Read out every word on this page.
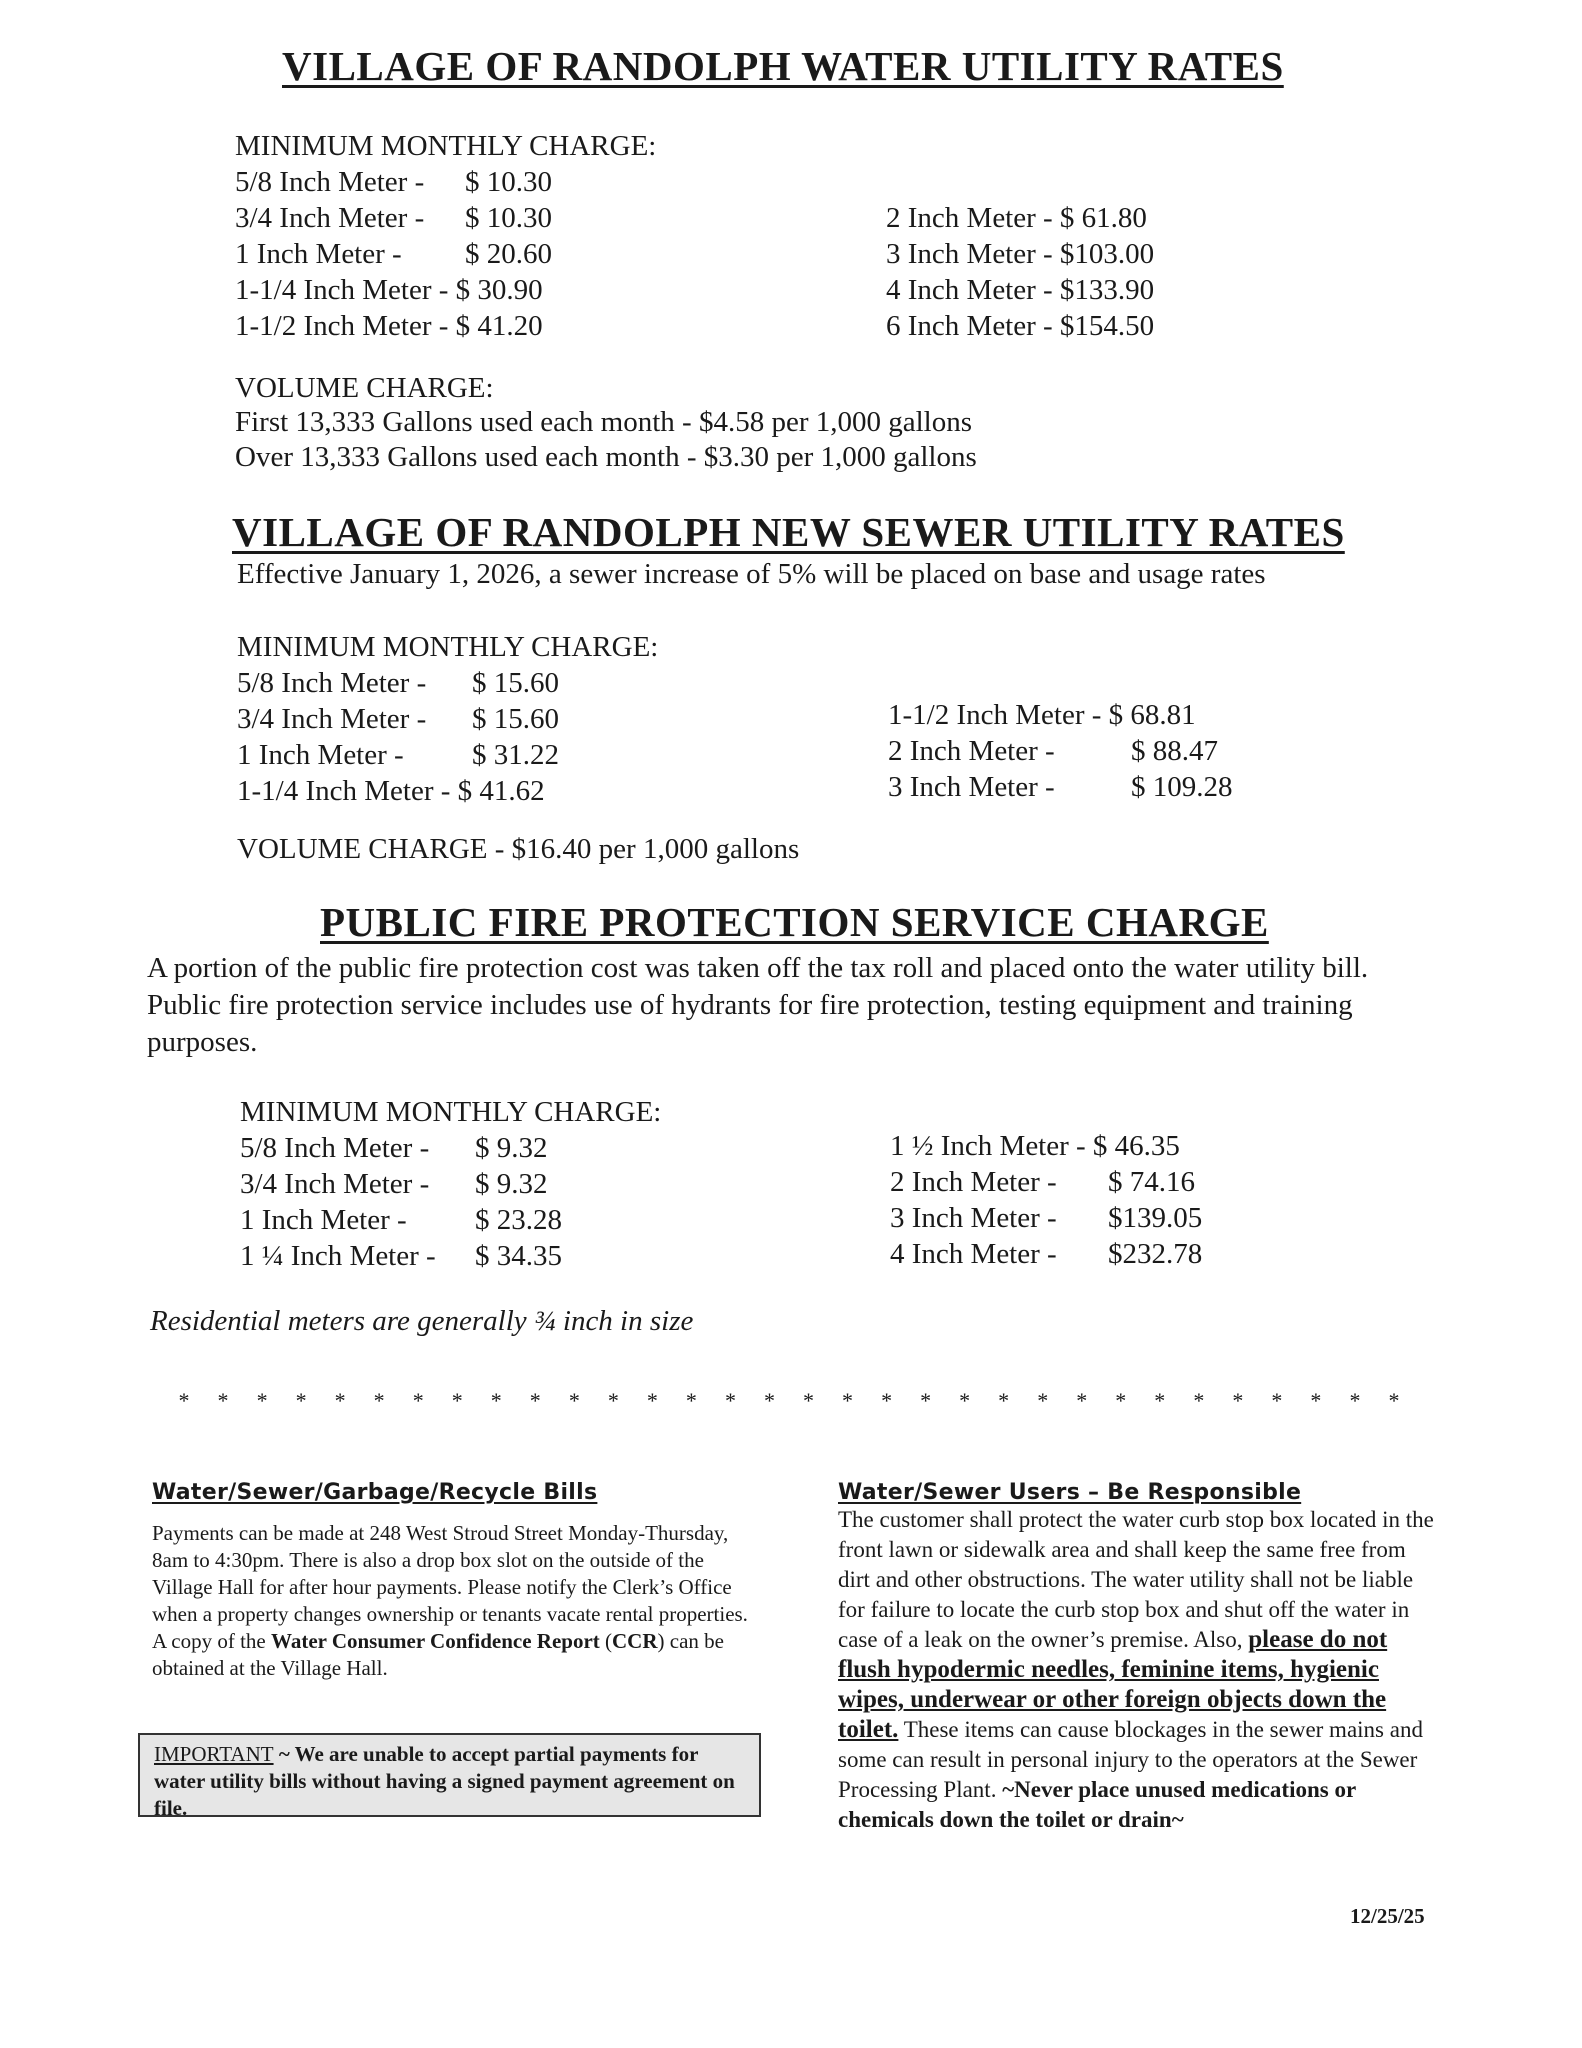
VILLAGE OF RANDOLPH WATER UTILITY RATES
MINIMUM MONTHLY CHARGE:
5/8 Inch Meter - $ 10.30
3/4 Inch Meter - $ 10.30
1 Inch Meter - $ 20.60
1-1/4 Inch Meter - $ 30.90
1-1/2 Inch Meter - $ 41.20
2 Inch Meter - $ 61.80
3 Inch Meter - $103.00
4 Inch Meter - $133.90
6 Inch Meter - $154.50
VOLUME CHARGE:
First 13,333 Gallons used each month - $4.58 per 1,000 gallons
Over 13,333 Gallons used each month - $3.30 per 1,000 gallons
VILLAGE OF RANDOLPH NEW SEWER UTILITY RATES
Effective January 1, 2026, a sewer increase of 5% will be placed on base and usage rates
MINIMUM MONTHLY CHARGE:
5/8 Inch Meter - $ 15.60
3/4 Inch Meter - $ 15.60
1 Inch Meter - $ 31.22
1-1/4 Inch Meter - $ 41.62
1-1/2 Inch Meter - $ 68.81
2 Inch Meter -	$ 88.47
3 Inch Meter -	$ 109.28
VOLUME CHARGE - $16.40 per 1,000 gallons
PUBLIC FIRE PROTECTION SERVICE CHARGE
A portion of the public fire protection cost was taken off the tax roll and placed onto the water utility bill. Public fire protection service includes use of hydrants for fire protection, testing equipment and training purposes.
MINIMUM MONTHLY CHARGE:
5/8 Inch Meter - $ 9.32
3/4 Inch Meter - $ 9.32
1 Inch Meter - $ 23.28
1 ¼ Inch Meter - $ 34.35
1 ½ Inch Meter - $ 46.35
2 Inch Meter - $ 74.16
3 Inch Meter - $139.05
4 Inch Meter - $232.78
Residential meters are generally ¾ inch in size
* * * * * * * * * * * * * * * * * * * * * * * * * * * * * * * *
Water/Sewer/Garbage/Recycle Bills
Payments can be made at 248 West Stroud Street Monday-Thursday, 8am to 4:30pm. There is also a drop box slot on the outside of the Village Hall for after hour payments. Please notify the Clerk’s Office when a property changes ownership or tenants vacate rental properties. A copy of the Water Consumer Confidence Report (CCR) can be obtained at the Village Hall.
IMPORTANT ~ We are unable to accept partial payments for water utility bills without having a signed payment agreement on file.
Water/Sewer Users – Be Responsible
The customer shall protect the water curb stop box located in the front lawn or sidewalk area and shall keep the same free from dirt and other obstructions. The water utility shall not be liable for failure to locate the curb stop box and shut off the water in case of a leak on the owner’s premise. Also, please do not flush hypodermic needles, feminine items, hygienic wipes, underwear or other foreign objects down the toilet. These items can cause blockages in the sewer mains and some can result in personal injury to the operators at the Sewer Processing Plant. ~Never place unused medications or chemicals down the toilet or drain~
12/25/25
